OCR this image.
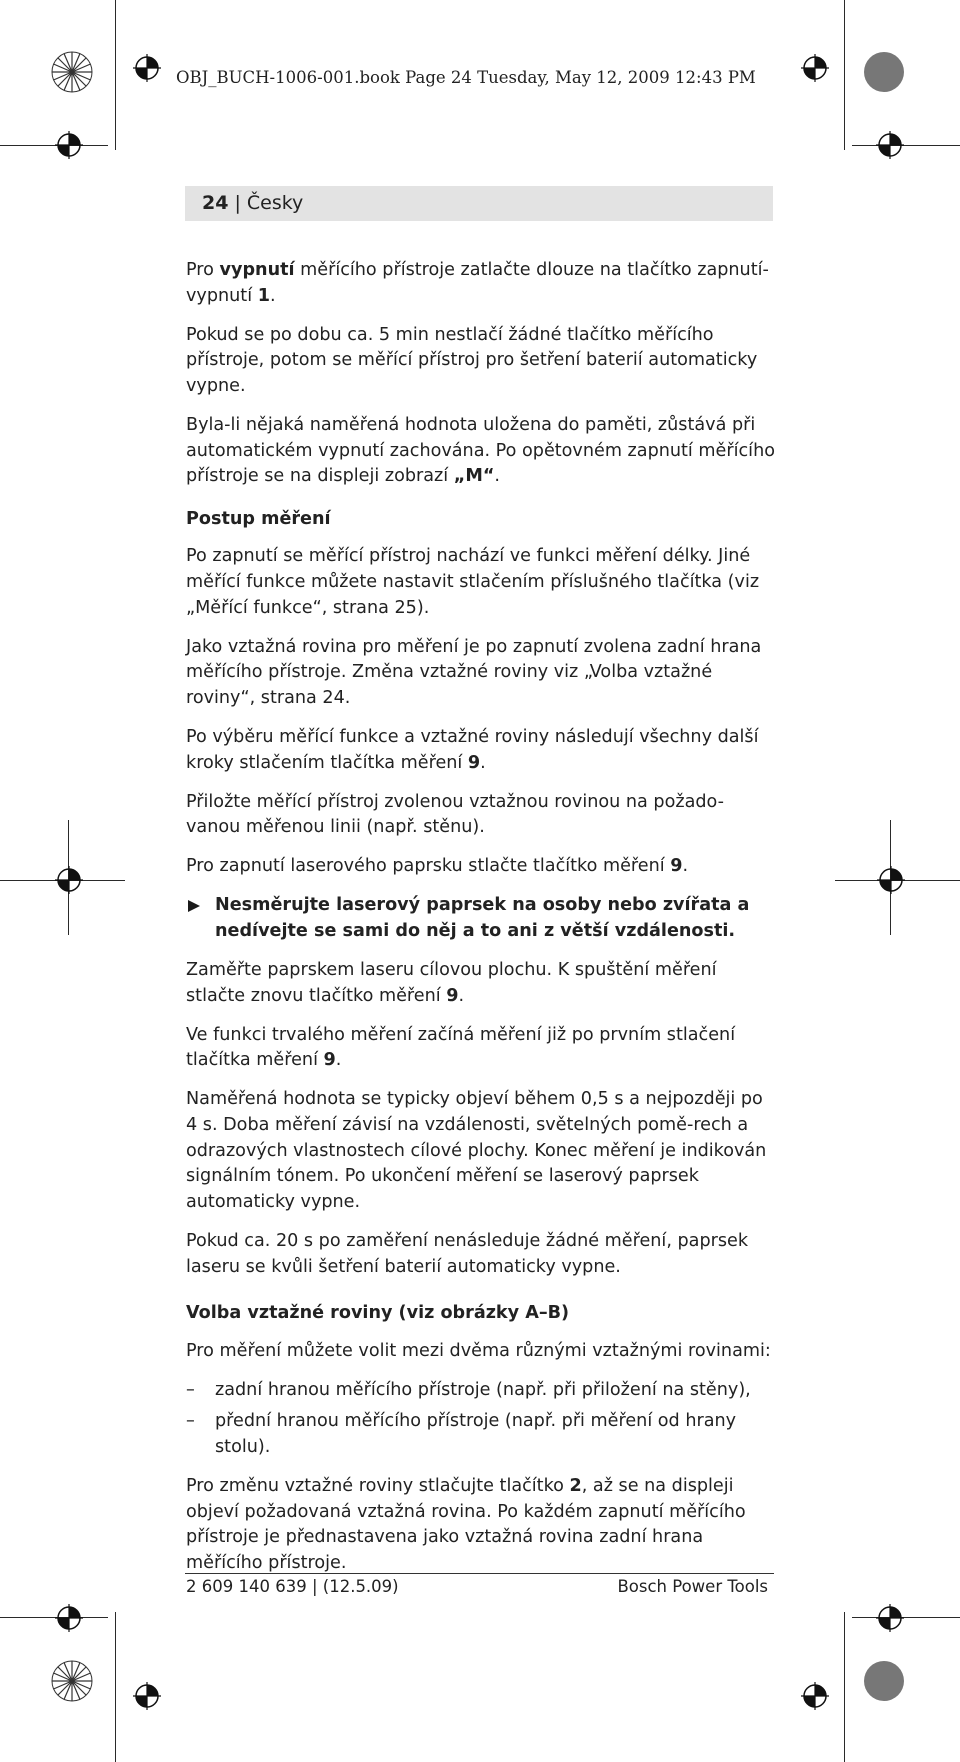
OBJ_BUCH-1006-001.book Page 24 Tuesday, May 12, 2009 12:43 PM
24 | Česky

Pro vypnutí měřícího přístroje zatlačte dlouze na tlačítko zapnutí-vypnutí 1.

Pokud se po dobu ca. 5 min nestlačí žádné tlačítko měřícího přístroje, potom se měřící přístroj pro šetření baterií automaticky vypne.

Byla-li nějaká naměřená hodnota uložena do paměti, zůstává při automatickém vypnutí zachována. Po opětovném zapnutí měřícího přístroje se na displeji zobrazí „M“.

Postup měření

Po zapnutí se měřící přístroj nachází ve funkci měření délky. Jiné měřící funkce můžete nastavit stlačením příslušného tlačítka (viz „Měřící funkce“, strana 25).

Jako vztažná rovina pro měření je po zapnutí zvolena zadní hrana měřícího přístroje. Změna vztažné roviny viz „Volba vztažné roviny“, strana 24.

Po výběru měřící funkce a vztažné roviny následují všechny další kroky stlačením tlačítka měření 9.

Přiložte měřící přístroj zvolenou vztažnou rovinou na požado-vanou měřenou linii (např. stěnu).

Pro zapnutí laserového paprsku stlačte tlačítko měření 9.

Nesměrujte laserový paprsek na osoby nebo zvířata a nedívejte se sami do něj a to ani z větší vzdálenosti.

Zaměřte paprskem laseru cílovou plochu. K spuštění měření stlačte znovu tlačítko měření 9.

Ve funkci trvalého měření začíná měření již po prvním stlačení tlačítka měření 9.

Naměřená hodnota se typicky objeví během 0,5 s a nejpozději po 4 s. Doba měření závisí na vzdálenosti, světelných pomě-rech a odrazových vlastnostech cílové plochy. Konec měření je indikován signálním tónem. Po ukončení měření se laserový paprsek automaticky vypne.

Pokud ca. 20 s po zaměření nenásleduje žádné měření, paprsek laseru se kvůli šetření baterií automaticky vypne.

Volba vztažné roviny (viz obrázky A–B)

Pro měření můžete volit mezi dvěma různými vztažnými rovinami:

– zadní hranou měřícího přístroje (např. při přiložení na stěny),

– přední hranou měřícího přístroje (např. při měření od hrany stolu).

Pro změnu vztažné roviny stlačujte tlačítko 2, až se na displeji objeví požadovaná vztažná rovina. Po každém zapnutí měřícího přístroje je přednastavena jako vztažná rovina zadní hrana měřícího přístroje.

2 609 140 639 | (12.5.09)	Bosch Power Tools
